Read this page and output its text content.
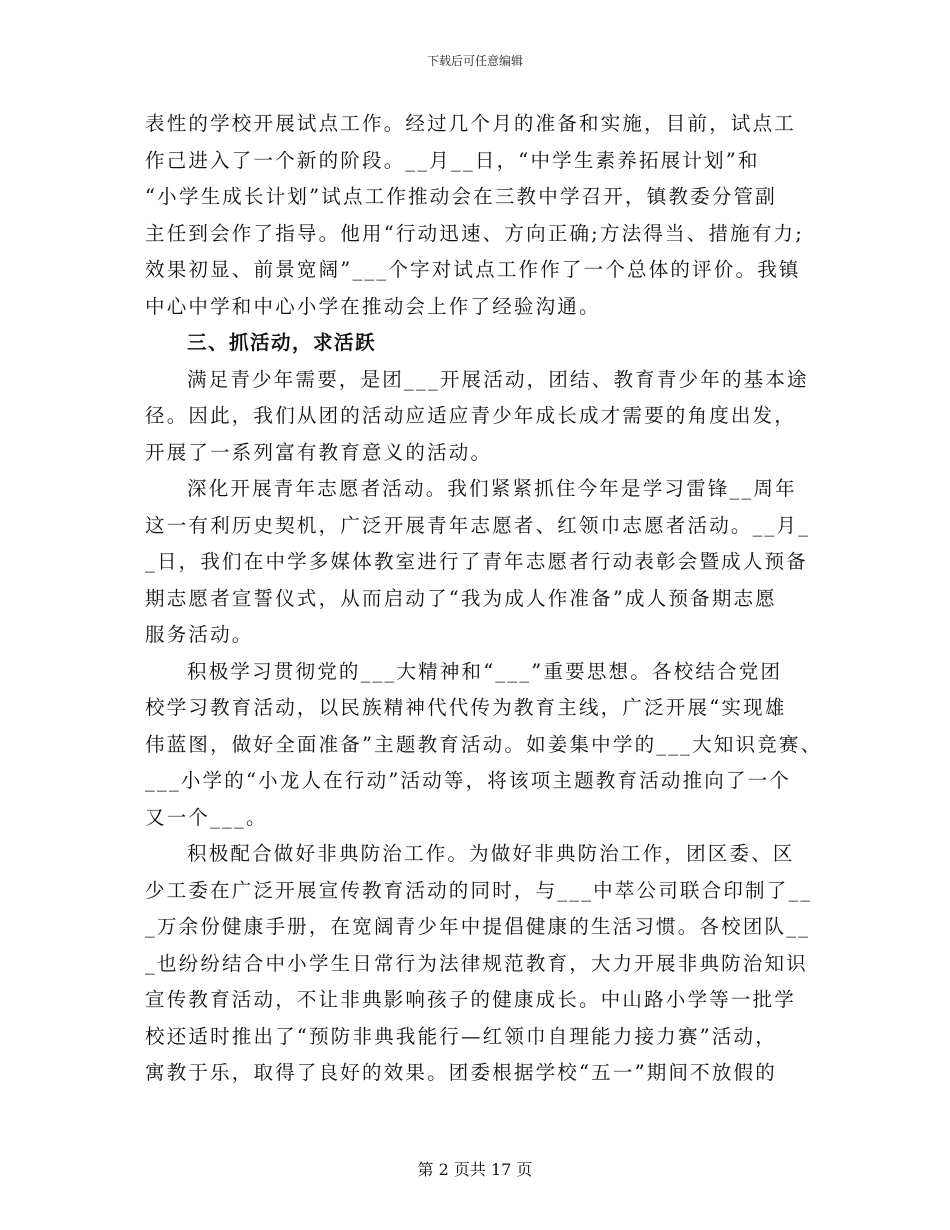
下载后可任意编辑
表性的学校开展试点工作。经过几个月的准备和实施，目前，试点工
作己进入了一个新的阶段。__月__日，“中学生素养拓展计划”和
“小学生成长计划”试点工作推动会在三教中学召开，镇教委分管副
主任到会作了指导。他用“行动迅速、方向正确;方法得当、措施有力;
效果初显、前景宽阔”___个字对试点工作作了一个总体的评价。我镇
中心中学和中心小学在推动会上作了经验沟通。
三、抓活动，求活跃
满足青少年需要，是团___开展活动，团结、教育青少年的基本途
径。因此，我们从团的活动应适应青少年成长成才需要的角度出发，
开展了一系列富有教育意义的活动。
深化开展青年志愿者活动。我们紧紧抓住今年是学习雷锋__周年
这一有利历史契机，广泛开展青年志愿者、红领巾志愿者活动。__月_
_日，我们在中学多媒体教室进行了青年志愿者行动表彰会暨成人预备
期志愿者宣誓仪式，从而启动了“我为成人作准备”成人预备期志愿
服务活动。
积极学习贯彻党的___大精神和“___”重要思想。各校结合党团
校学习教育活动，以民族精神代代传为教育主线，广泛开展“实现雄
伟蓝图，做好全面准备”主题教育活动。如姜集中学的___大知识竞赛、
___小学的“小龙人在行动”活动等，将该项主题教育活动推向了一个
又一个___。
积极配合做好非典防治工作。为做好非典防治工作，团区委、区
少工委在广泛开展宣传教育活动的同时，与___中萃公司联合印制了__
_万余份健康手册，在宽阔青少年中提倡健康的生活习惯。各校团队__
_也纷纷结合中小学生日常行为法律规范教育，大力开展非典防治知识
宣传教育活动，不让非典影响孩子的健康成长。中山路小学等一批学
校还适时推出了“预防非典我能行—红领巾自理能力接力赛”活动，
寓教于乐，取得了良好的效果。团委根据学校“五一”期间不放假的
第 2 页共 17 页
